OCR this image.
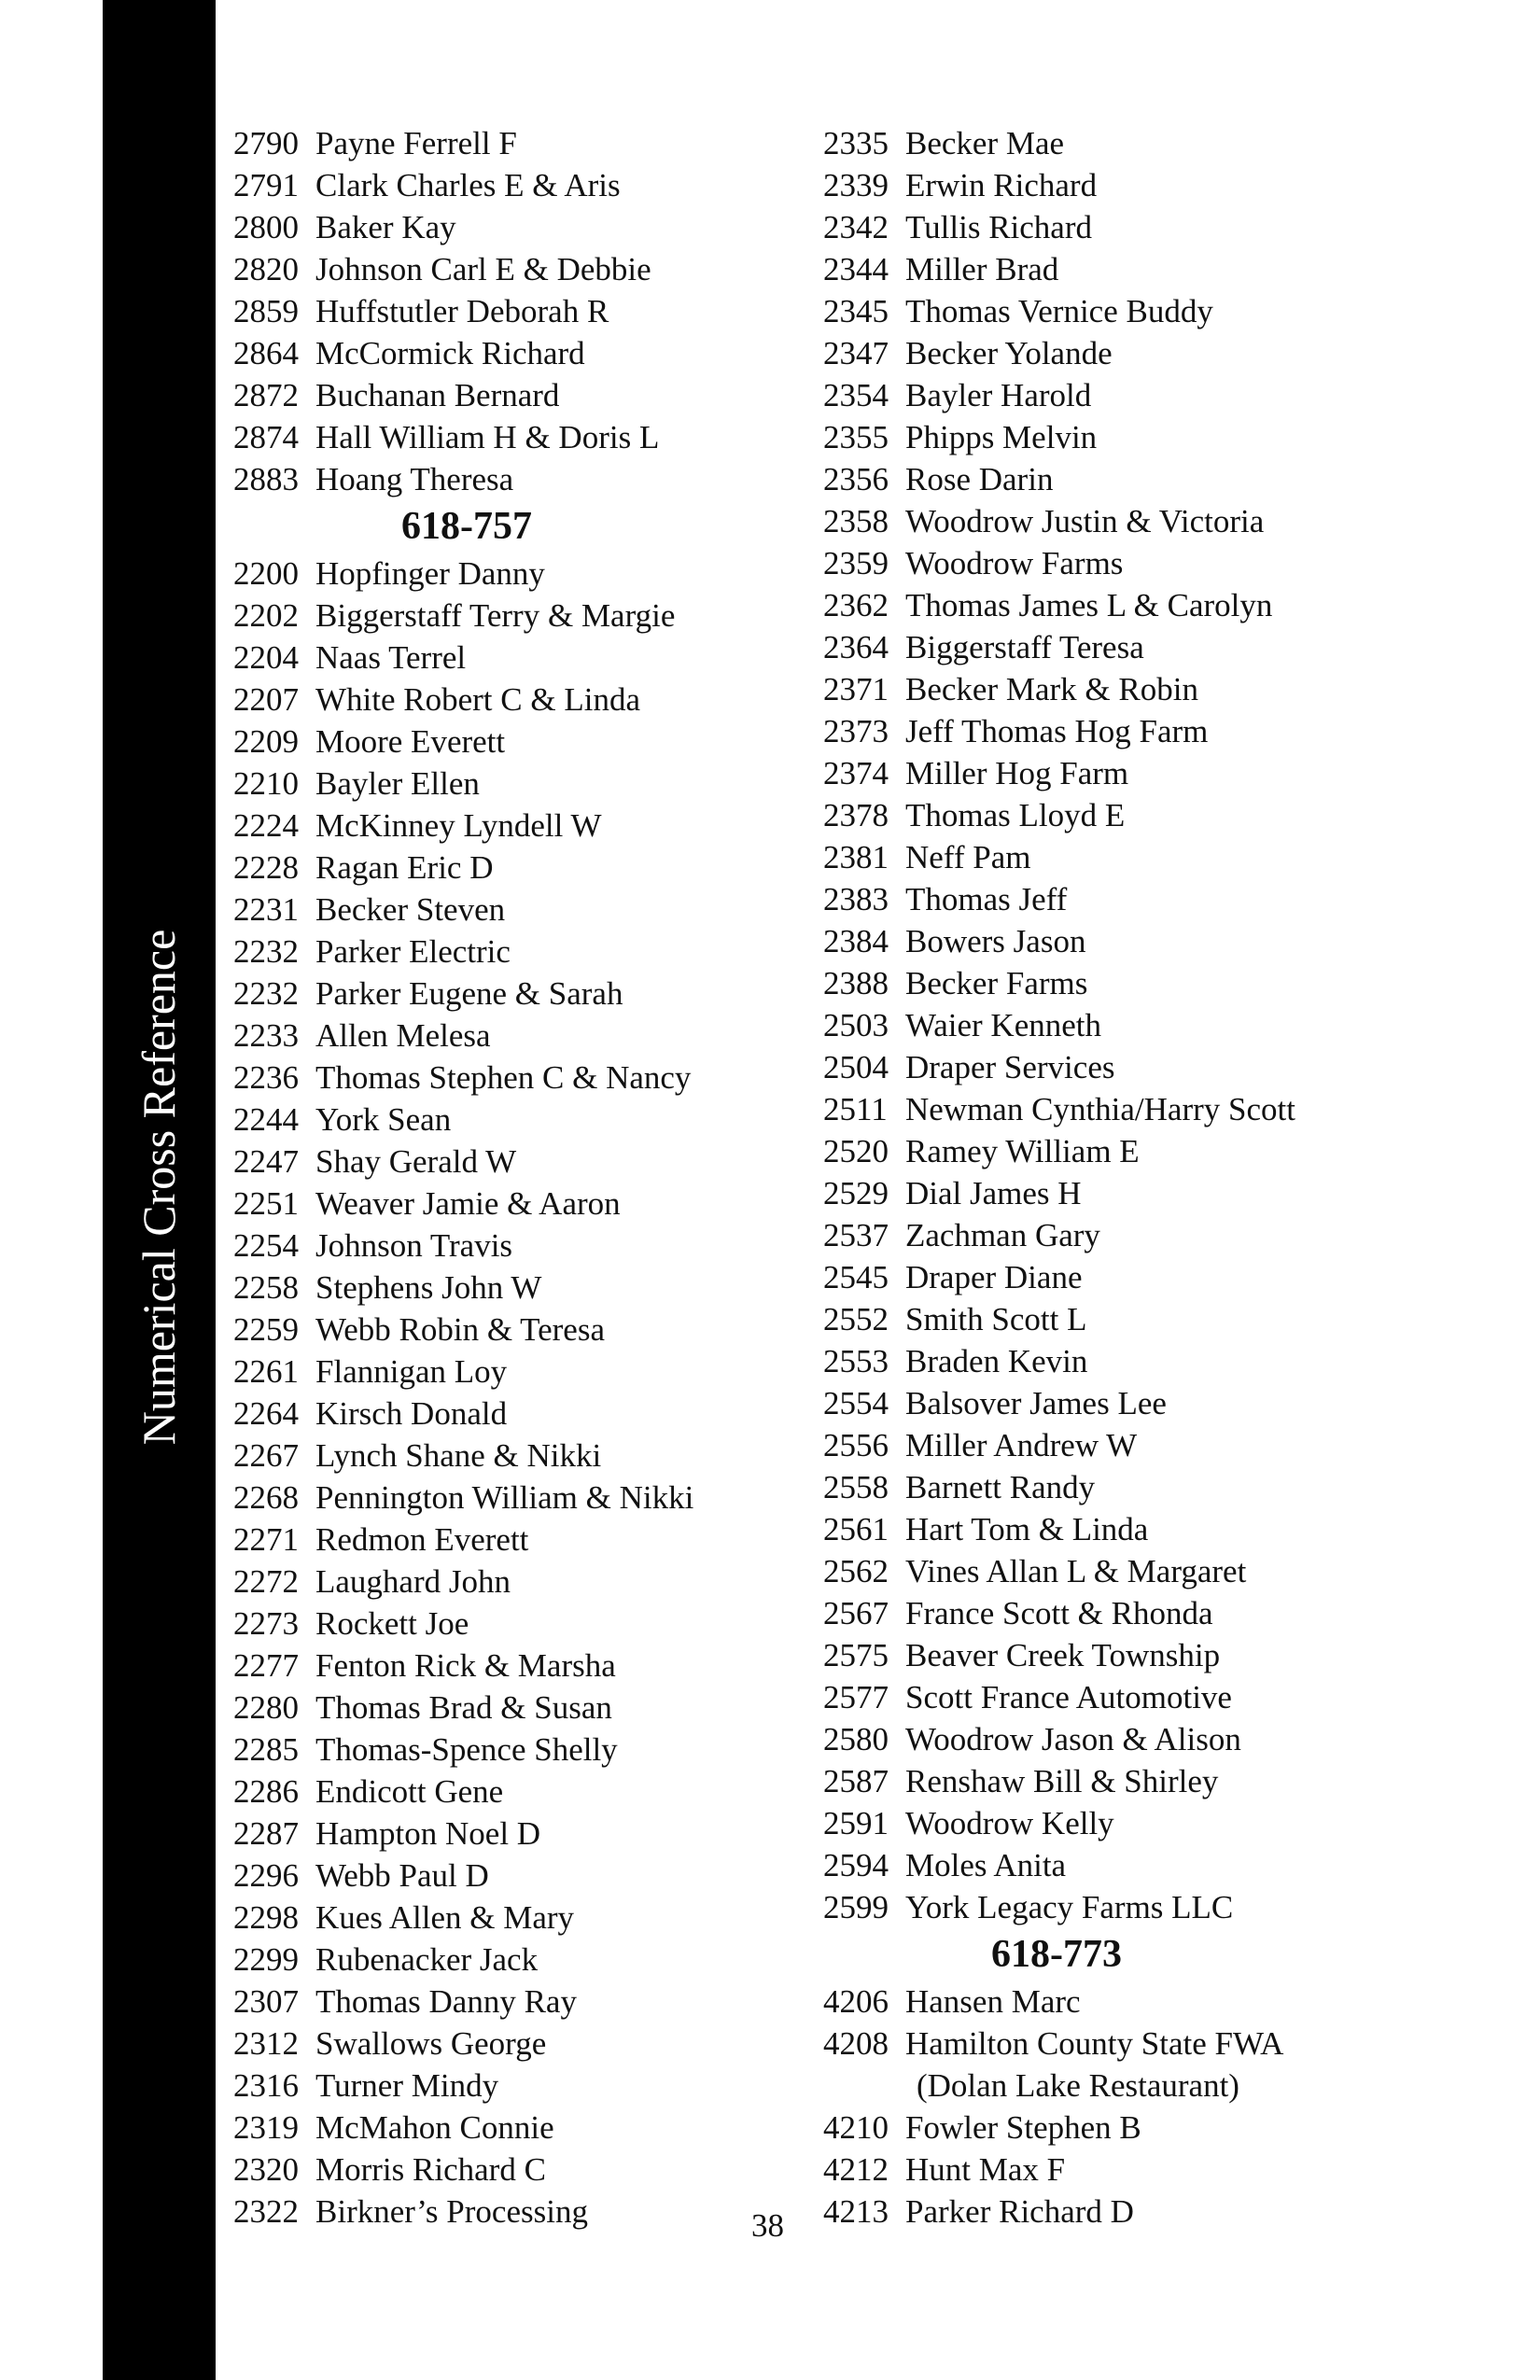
Numerical Cross Reference
2790 Payne Ferrell F
2791 Clark Charles E & Aris
2800 Baker Kay
2820 Johnson Carl E & Debbie
2859 Huffstutler Deborah R
2864 McCormick Richard
2872 Buchanan Bernard
2874 Hall William H & Doris L
2883 Hoang Theresa
618-757
2200 Hopfinger Danny
2202 Biggerstaff Terry & Margie
2204 Naas Terrel
2207 White Robert C & Linda
2209 Moore Everett
2210 Bayler Ellen
2224 McKinney Lyndell W
2228 Ragan Eric D
2231 Becker Steven
2232 Parker Electric
2232 Parker Eugene & Sarah
2233 Allen Melesa
2236 Thomas Stephen C & Nancy
2244 York Sean
2247 Shay Gerald W
2251 Weaver Jamie & Aaron
2254 Johnson Travis
2258 Stephens John W
2259 Webb Robin & Teresa
2261 Flannigan Loy
2264 Kirsch Donald
2267 Lynch Shane & Nikki
2268 Pennington William & Nikki
2271 Redmon Everett
2272 Laughard John
2273 Rockett Joe
2277 Fenton Rick & Marsha
2280 Thomas Brad & Susan
2285 Thomas-Spence Shelly
2286 Endicott Gene
2287 Hampton Noel D
2296 Webb Paul D
2298 Kues Allen & Mary
2299 Rubenacker Jack
2307 Thomas Danny Ray
2312 Swallows George
2316 Turner Mindy
2319 McMahon Connie
2320 Morris Richard C
2322 Birkner’s Processing
2335 Becker Mae
2339 Erwin Richard
2342 Tullis Richard
2344 Miller Brad
2345 Thomas Vernice Buddy
2347 Becker Yolande
2354 Bayler Harold
2355 Phipps Melvin
2356 Rose Darin
2358 Woodrow Justin & Victoria
2359 Woodrow Farms
2362 Thomas James L & Carolyn
2364 Biggerstaff Teresa
2371 Becker Mark & Robin
2373 Jeff Thomas Hog Farm
2374 Miller Hog Farm
2378 Thomas Lloyd E
2381 Neff Pam
2383 Thomas Jeff
2384 Bowers Jason
2388 Becker Farms
2503 Waier Kenneth
2504 Draper Services
2511 Newman Cynthia/Harry Scott
2520 Ramey William E
2529 Dial James H
2537 Zachman Gary
2545 Draper Diane
2552 Smith Scott L
2553 Braden Kevin
2554 Balsover James Lee
2556 Miller Andrew W
2558 Barnett Randy
2561 Hart Tom & Linda
2562 Vines Allan L & Margaret
2567 France Scott & Rhonda
2575 Beaver Creek Township
2577 Scott France Automotive
2580 Woodrow Jason & Alison
2587 Renshaw Bill & Shirley
2591 Woodrow Kelly
2594 Moles Anita
2599 York Legacy Farms LLC
618-773
4206 Hansen Marc
4208 Hamilton County State FWA
(Dolan Lake Restaurant)
4210 Fowler Stephen B
4212 Hunt Max F
4213 Parker Richard D
38
